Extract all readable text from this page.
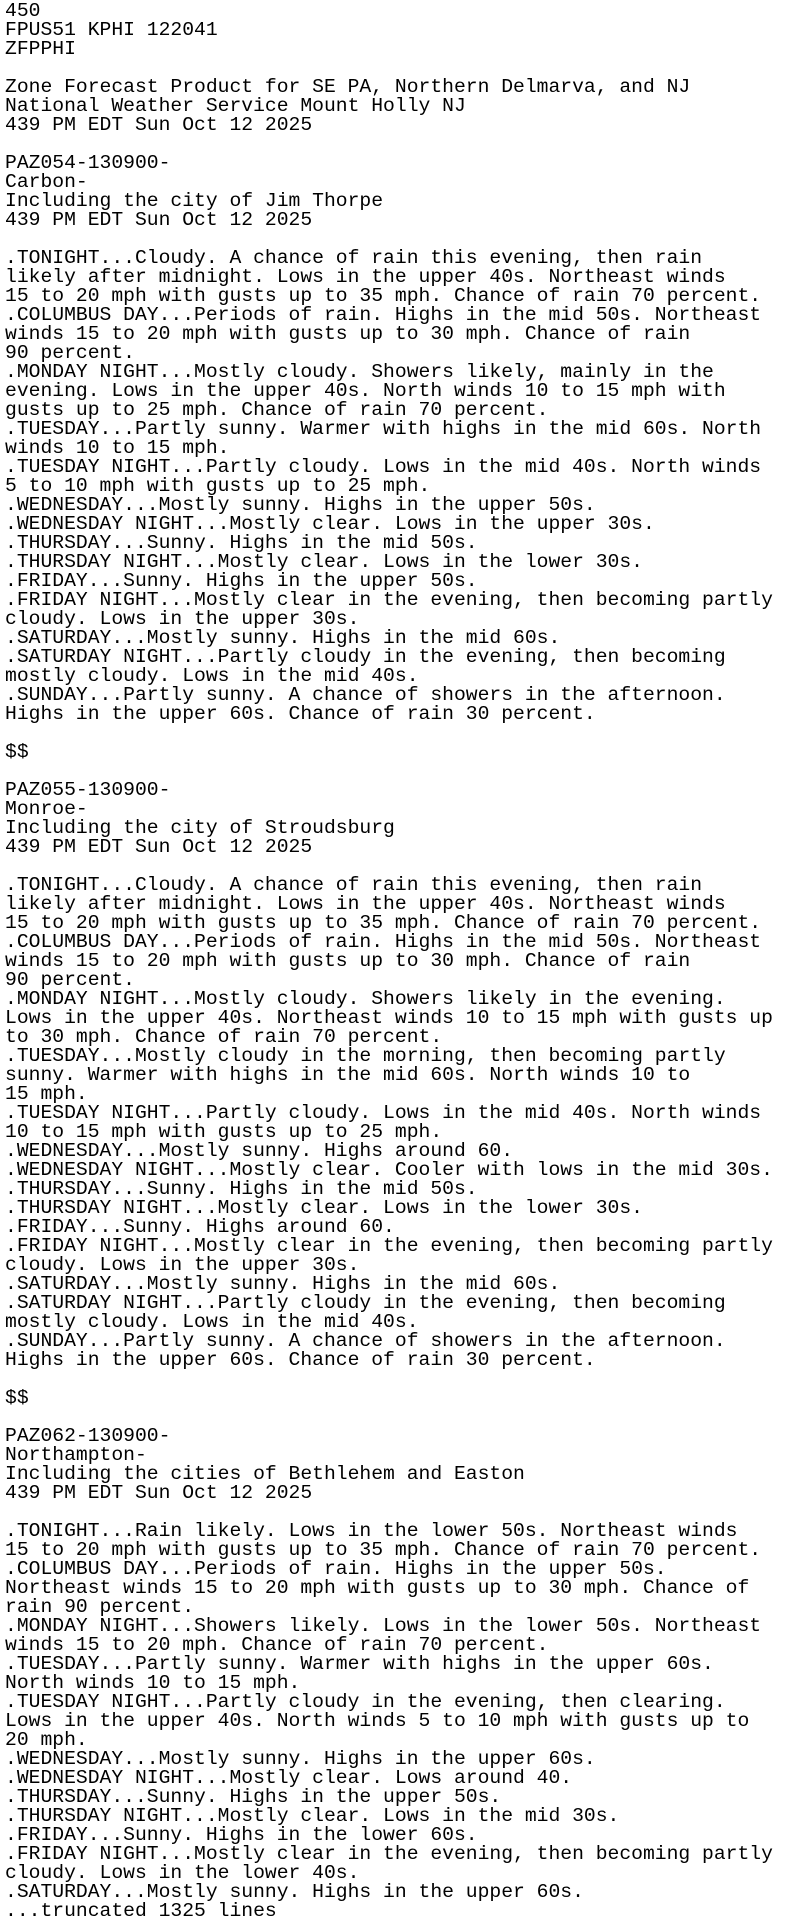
450
FPUS51 KPHI 122041
ZFPPHI
Zone Forecast Product for SE PA, Northern Delmarva, and NJ
National Weather Service Mount Holly NJ
439 PM EDT Sun Oct 12 2025
PAZ054-130900-
Carbon-
Including the city of Jim Thorpe
439 PM EDT Sun Oct 12 2025
.TONIGHT...Cloudy. A chance of rain this evening, then rain
likely after midnight. Lows in the upper 40s. Northeast winds
15 to 20 mph with gusts up to 35 mph. Chance of rain 70 percent.
.COLUMBUS DAY...Periods of rain. Highs in the mid 50s. Northeast
winds 15 to 20 mph with gusts up to 30 mph. Chance of rain
90 percent.
.MONDAY NIGHT...Mostly cloudy. Showers likely, mainly in the
evening. Lows in the upper 40s. North winds 10 to 15 mph with
gusts up to 25 mph. Chance of rain 70 percent.
.TUESDAY...Partly sunny. Warmer with highs in the mid 60s. North
winds 10 to 15 mph.
.TUESDAY NIGHT...Partly cloudy. Lows in the mid 40s. North winds
5 to 10 mph with gusts up to 25 mph.
.WEDNESDAY...Mostly sunny. Highs in the upper 50s.
.WEDNESDAY NIGHT...Mostly clear. Lows in the upper 30s.
.THURSDAY...Sunny. Highs in the mid 50s.
.THURSDAY NIGHT...Mostly clear. Lows in the lower 30s.
.FRIDAY...Sunny. Highs in the upper 50s.
.FRIDAY NIGHT...Mostly clear in the evening, then becoming partly
cloudy. Lows in the upper 30s.
.SATURDAY...Mostly sunny. Highs in the mid 60s.
.SATURDAY NIGHT...Partly cloudy in the evening, then becoming
mostly cloudy. Lows in the mid 40s.
.SUNDAY...Partly sunny. A chance of showers in the afternoon.
Highs in the upper 60s. Chance of rain 30 percent.
$$
PAZ055-130900-
Monroe-
Including the city of Stroudsburg
439 PM EDT Sun Oct 12 2025
.TONIGHT...Cloudy. A chance of rain this evening, then rain
likely after midnight. Lows in the upper 40s. Northeast winds
15 to 20 mph with gusts up to 35 mph. Chance of rain 70 percent.
.COLUMBUS DAY...Periods of rain. Highs in the mid 50s. Northeast
winds 15 to 20 mph with gusts up to 30 mph. Chance of rain
90 percent.
.MONDAY NIGHT...Mostly cloudy. Showers likely in the evening.
Lows in the upper 40s. Northeast winds 10 to 15 mph with gusts up
to 30 mph. Chance of rain 70 percent.
.TUESDAY...Mostly cloudy in the morning, then becoming partly
sunny. Warmer with highs in the mid 60s. North winds 10 to
15 mph.
.TUESDAY NIGHT...Partly cloudy. Lows in the mid 40s. North winds
10 to 15 mph with gusts up to 25 mph.
.WEDNESDAY...Mostly sunny. Highs around 60.
.WEDNESDAY NIGHT...Mostly clear. Cooler with lows in the mid 30s.
.THURSDAY...Sunny. Highs in the mid 50s.
.THURSDAY NIGHT...Mostly clear. Lows in the lower 30s.
.FRIDAY...Sunny. Highs around 60.
.FRIDAY NIGHT...Mostly clear in the evening, then becoming partly
cloudy. Lows in the upper 30s.
.SATURDAY...Mostly sunny. Highs in the mid 60s.
.SATURDAY NIGHT...Partly cloudy in the evening, then becoming
mostly cloudy. Lows in the mid 40s.
.SUNDAY...Partly sunny. A chance of showers in the afternoon.
Highs in the upper 60s. Chance of rain 30 percent.
$$
PAZ062-130900-
Northampton-
Including the cities of Bethlehem and Easton
439 PM EDT Sun Oct 12 2025
.TONIGHT...Rain likely. Lows in the lower 50s. Northeast winds
15 to 20 mph with gusts up to 35 mph. Chance of rain 70 percent.
.COLUMBUS DAY...Periods of rain. Highs in the upper 50s.
Northeast winds 15 to 20 mph with gusts up to 30 mph. Chance of
rain 90 percent.
.MONDAY NIGHT...Showers likely. Lows in the lower 50s. Northeast
winds 15 to 20 mph. Chance of rain 70 percent.
.TUESDAY...Partly sunny. Warmer with highs in the upper 60s.
North winds 10 to 15 mph.
.TUESDAY NIGHT...Partly cloudy in the evening, then clearing.
Lows in the upper 40s. North winds 5 to 10 mph with gusts up to
20 mph.
.WEDNESDAY...Mostly sunny. Highs in the upper 60s.
.WEDNESDAY NIGHT...Mostly clear. Lows around 40.
.THURSDAY...Sunny. Highs in the upper 50s.
.THURSDAY NIGHT...Mostly clear. Lows in the mid 30s.
.FRIDAY...Sunny. Highs in the lower 60s.
.FRIDAY NIGHT...Mostly clear in the evening, then becoming partly
cloudy. Lows in the lower 40s.
.SATURDAY...Mostly sunny. Highs in the upper 60s.
...truncated 1325 lines
